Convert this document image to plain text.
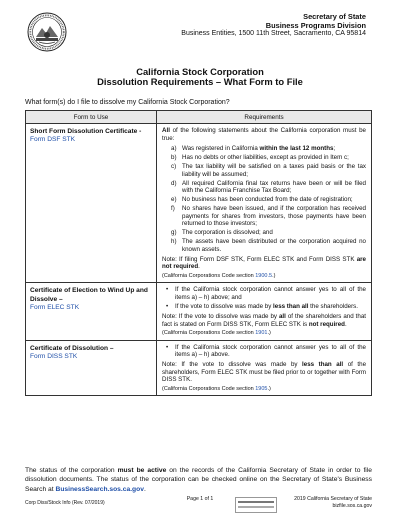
Secretary of State
Business Programs Division
Business Entities, 1500 11th Street, Sacramento, CA 95814
California Stock Corporation
Dissolution Requirements – What Form to File
What form(s) do I file to dissolve my California Stock Corporation?
Form to Use	Requirements
Short Form Dissolution Certificate -
Form DSF STK
All of the following statements about the California corporation must be true:
a) Was registered in California within the last 12 months;
b) Has no debts or other liabilities, except as provided in Item c;
c) The tax liability will be satisfied on a taxes paid basis or the tax liability will be assumed;
d) All required California final tax returns have been or will be filed with the California Franchise Tax Board;
e) No business has been conducted from the date of registration;
f)	No shares have been issued, and if the corporation has received payments for shares from investors, those payments have been returned to those investors;
g) The corporation is dissolved; and
h) The assets have been distributed or the corporation acquired no known assets.
Note: If filing Form DSF STK, Form ELEC STK and Form DISS STK are not required.
(California Corporations Code section 1900.5.)
Certificate of Election to Wind Up and Dissolve –
Form ELEC STK
•	If the California stock corporation cannot answer yes to all of the items a) – h) above; and
•	If the vote to dissolve was made by less than all the shareholders.
Note: If the vote to dissolve was made by all of the shareholders and that fact is stated on Form DISS STK, Form ELEC STK is not required.
(California Corporations Code section 1901.)
Certificate of Dissolution –
Form DISS STK
•	If the California stock corporation cannot answer yes to all of the items a) – h) above.
Note: If the vote to dissolve was made by less than all of the shareholders, Form ELEC STK must be filed prior to or together with Form DISS STK.
(California Corporations Code section 1905.)
The status of the corporation must be active on the records of the California Secretary of State in order to file dissolution documents. The status of the corporation can be checked online on the Secretary of State's Business Search at BusinessSearch.sos.ca.gov.
Corp Diss/Stock Info (Rev. 07/2019)
Page 1 of 1	2019 California Secretary of State
bizfile.sos.ca.gov
